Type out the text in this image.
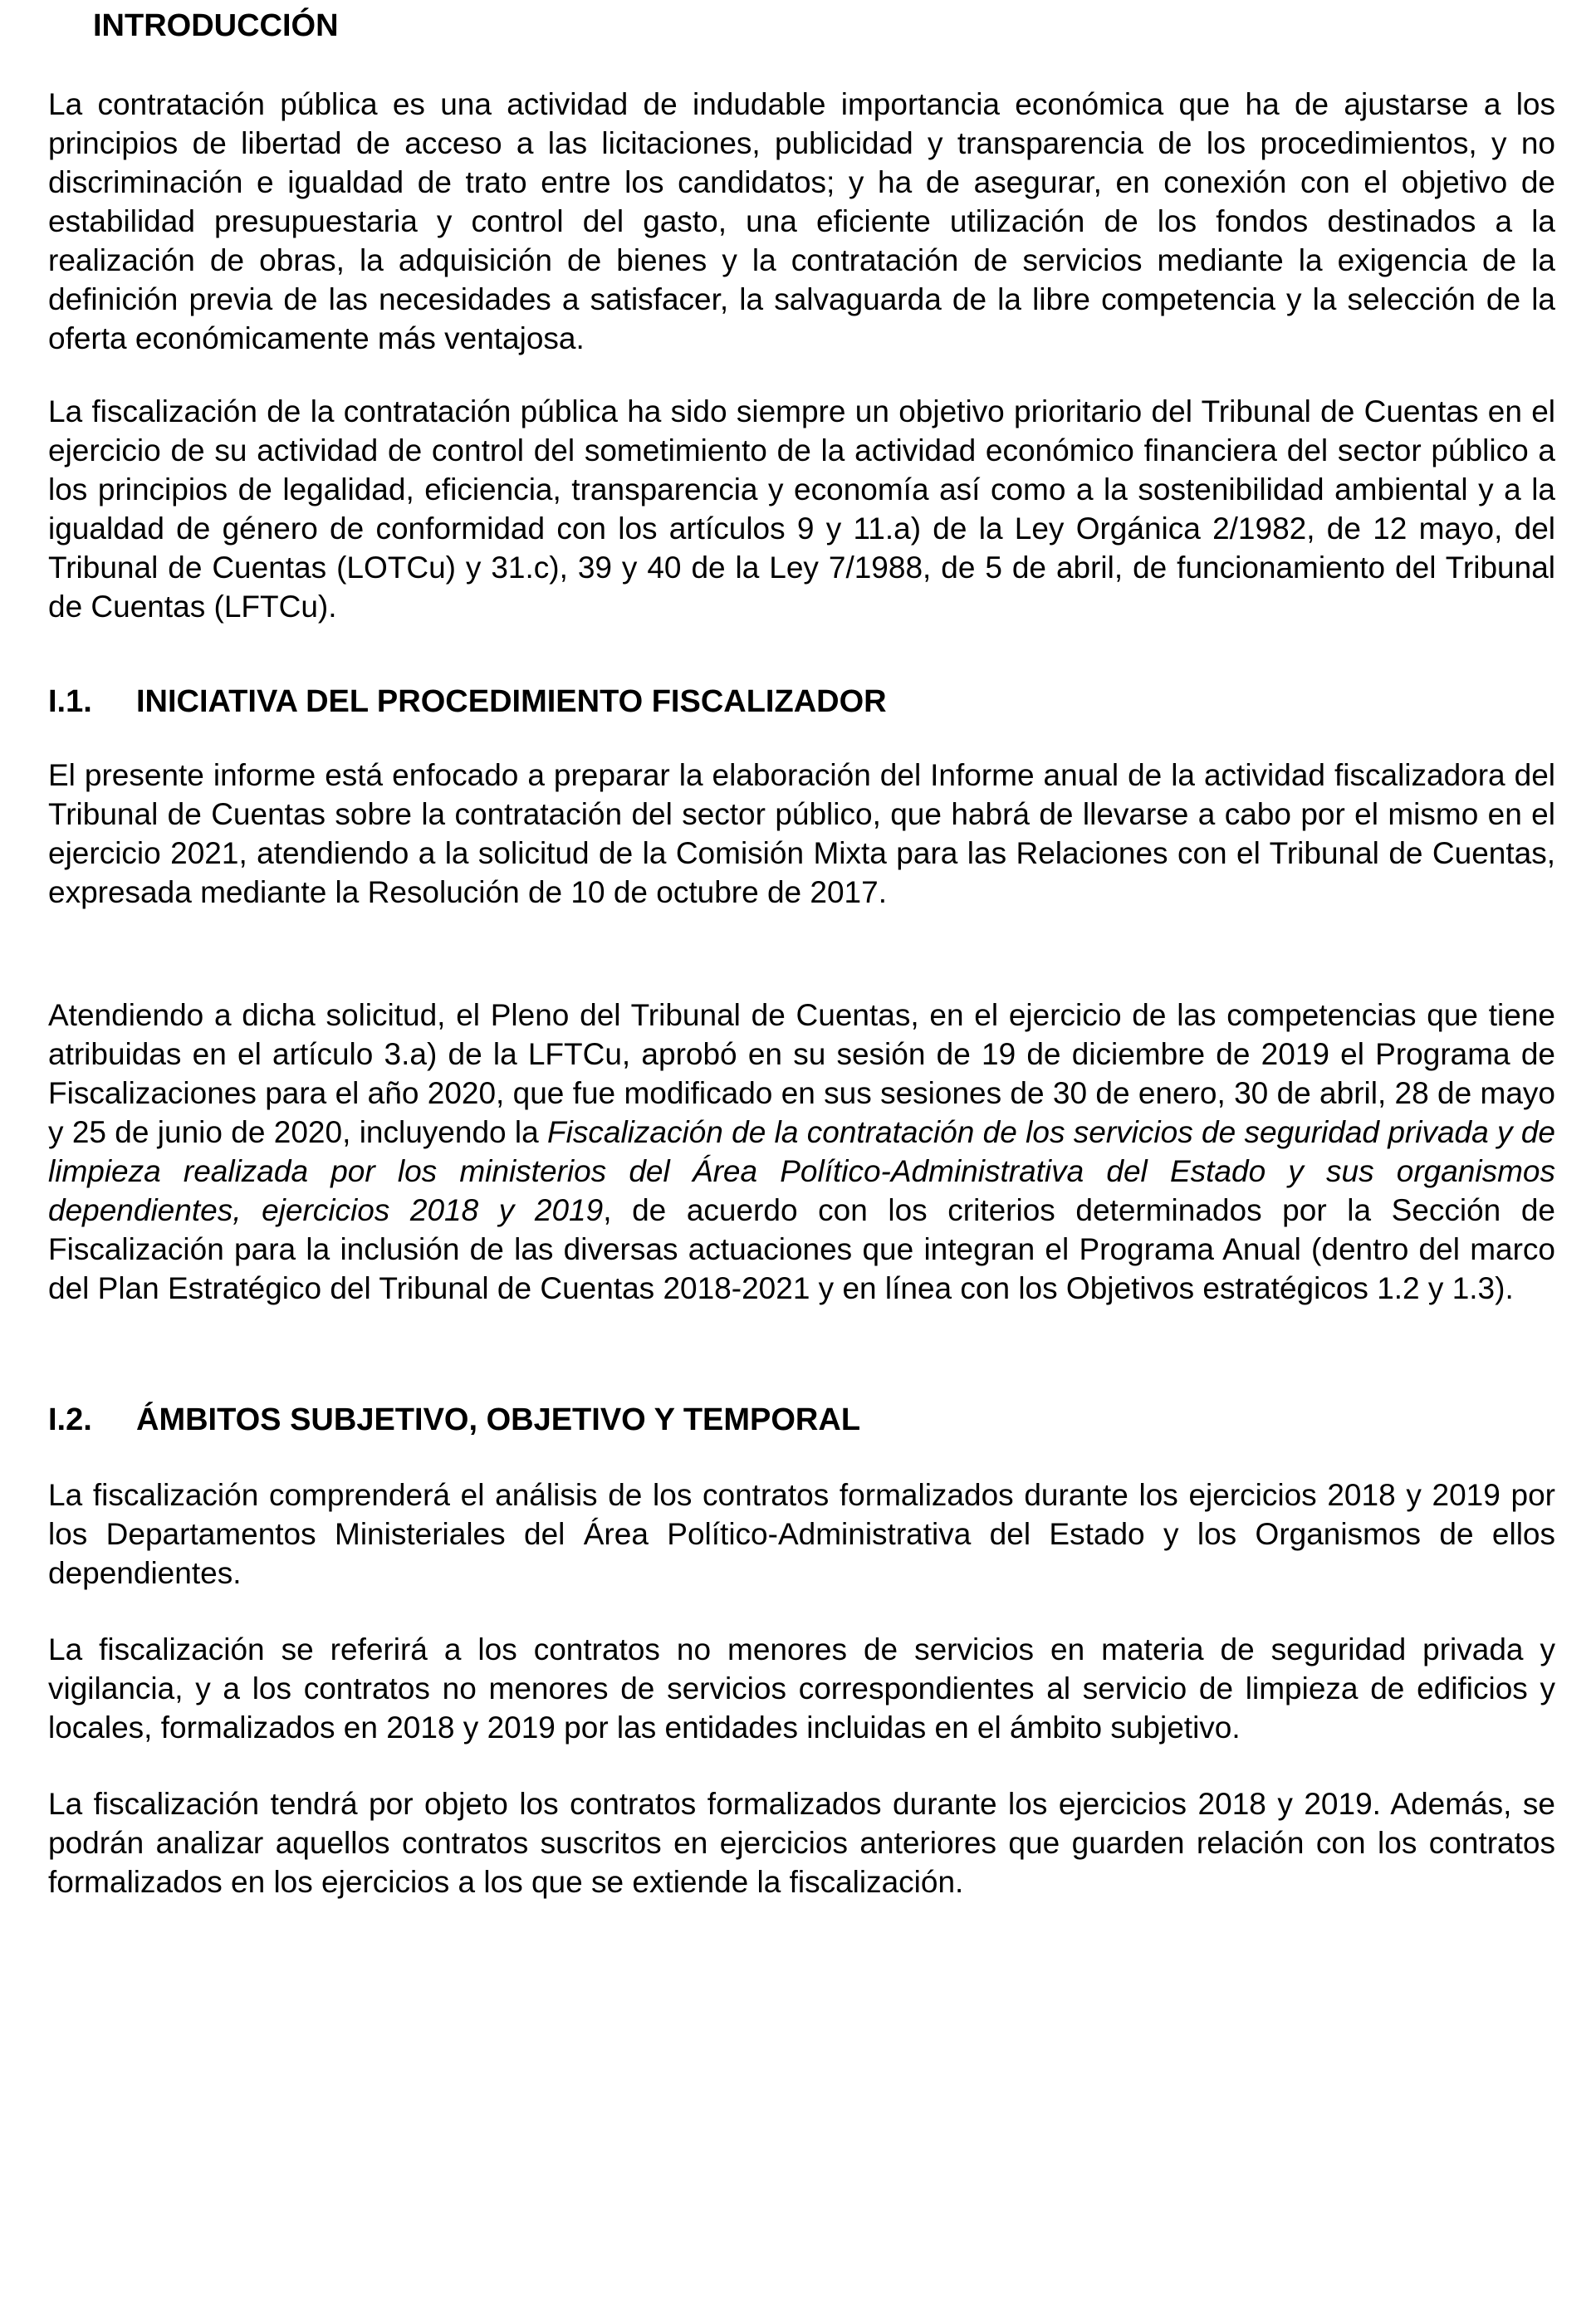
INTRODUCCIÓN

La contratación pública es una actividad de indudable importancia económica que ha de ajustarse a los principios de libertad de acceso a las licitaciones, publicidad y transparencia de los procedimientos, y no discriminación e igualdad de trato entre los candidatos; y ha de asegurar, en conexión con el objetivo de estabilidad presupuestaria y control del gasto, una eficiente utilización de los fondos destinados a la realización de obras, la adquisición de bienes y la contratación de servicios mediante la exigencia de la definición previa de las necesidades a satisfacer, la salvaguarda de la libre competencia y la selección de la oferta económicamente más ventajosa.

La fiscalización de la contratación pública ha sido siempre un objetivo prioritario del Tribunal de Cuentas en el ejercicio de su actividad de control del sometimiento de la actividad económico financiera del sector público a los principios de legalidad, eficiencia, transparencia y economía así como a la sostenibilidad ambiental y a la igualdad de género de conformidad con los artículos 9 y 11.a) de la Ley Orgánica 2/1982, de 12 mayo, del Tribunal de Cuentas (LOTCu) y 31.c), 39 y 40 de la Ley 7/1988, de 5 de abril, de funcionamiento del Tribunal de Cuentas (LFTCu).

I.1. INICIATIVA DEL PROCEDIMIENTO FISCALIZADOR

El presente informe está enfocado a preparar la elaboración del Informe anual de la actividad fiscalizadora del Tribunal de Cuentas sobre la contratación del sector público, que habrá de llevarse a cabo por el mismo en el ejercicio 2021, atendiendo a la solicitud de la Comisión Mixta para las Relaciones con el Tribunal de Cuentas, expresada mediante la Resolución de 10 de octubre de 2017.

Atendiendo a dicha solicitud, el Pleno del Tribunal de Cuentas, en el ejercicio de las competencias que tiene atribuidas en el artículo 3.a) de la LFTCu, aprobó en su sesión de 19 de diciembre de 2019 el Programa de Fiscalizaciones para el año 2020, que fue modificado en sus sesiones de 30 de enero, 30 de abril, 28 de mayo y 25 de junio de 2020, incluyendo la Fiscalización de la contratación de los servicios de seguridad privada y de limpieza realizada por los ministerios del Área Político-Administrativa del Estado y sus organismos dependientes, ejercicios 2018 y 2019, de acuerdo con los criterios determinados por la Sección de Fiscalización para la inclusión de las diversas actuaciones que integran el Programa Anual (dentro del marco del Plan Estratégico del Tribunal de Cuentas 2018-2021 y en línea con los Objetivos estratégicos 1.2 y 1.3).

I.2. ÁMBITOS SUBJETIVO, OBJETIVO Y TEMPORAL

La fiscalización comprenderá el análisis de los contratos formalizados durante los ejercicios 2018 y 2019 por los Departamentos Ministeriales del Área Político-Administrativa del Estado y los Organismos de ellos dependientes.

La fiscalización se referirá a los contratos no menores de servicios en materia de seguridad privada y vigilancia, y a los contratos no menores de servicios correspondientes al servicio de limpieza de edificios y locales, formalizados en 2018 y 2019 por las entidades incluidas en el ámbito subjetivo.

La fiscalización tendrá por objeto los contratos formalizados durante los ejercicios 2018 y 2019. Además, se podrán analizar aquellos contratos suscritos en ejercicios anteriores que guarden relación con los contratos formalizados en los ejercicios a los que se extiende la fiscalización.
